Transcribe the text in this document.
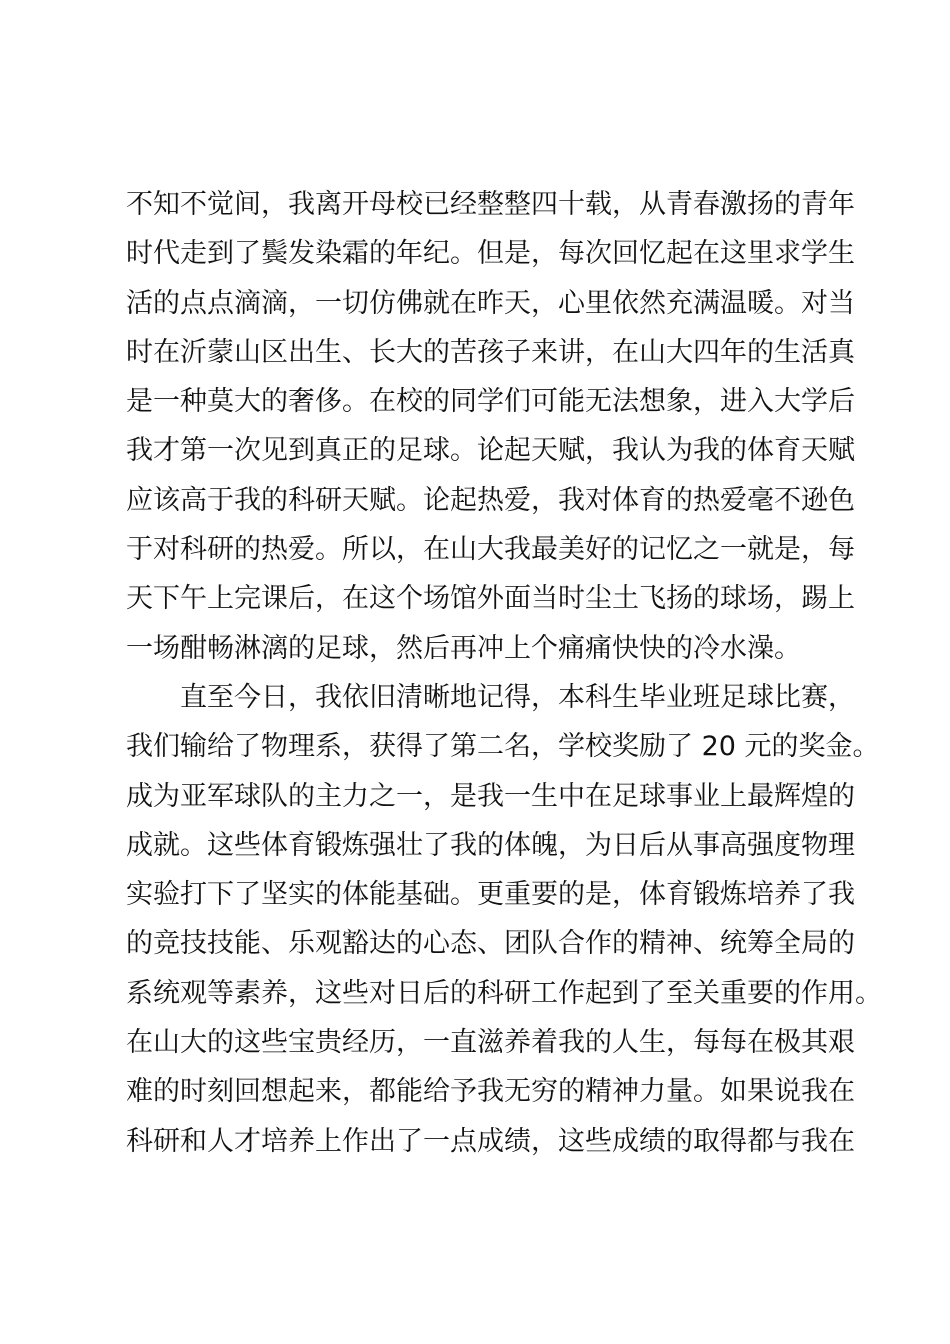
不知不觉间，我离开母校已经整整四十载，从青春激扬的青年
时代走到了鬓发染霜的年纪。但是，每次回忆起在这里求学生
活的点点滴滴，一切仿佛就在昨天，心里依然充满温暖。对当
时在沂蒙山区出生、长大的苦孩子来讲，在山大四年的生活真
是一种莫大的奢侈。在校的同学们可能无法想象，进入大学后
我才第一次见到真正的足球。论起天赋，我认为我的体育天赋
应该高于我的科研天赋。论起热爱，我对体育的热爱毫不逊色
于对科研的热爱。所以，在山大我最美好的记忆之一就是，每
天下午上完课后，在这个场馆外面当时尘土飞扬的球场，踢上
一场酣畅淋漓的足球，然后再冲上个痛痛快快的冷水澡。
　　直至今日，我依旧清晰地记得，本科生毕业班足球比赛，
我们输给了物理系，获得了第二名，学校奖励了 20 元的奖金。
成为亚军球队的主力之一，是我一生中在足球事业上最辉煌的
成就。这些体育锻炼强壮了我的体魄，为日后从事高强度物理
实验打下了坚实的体能基础。更重要的是，体育锻炼培养了我
的竞技技能、乐观豁达的心态、团队合作的精神、统筹全局的
系统观等素养，这些对日后的科研工作起到了至关重要的作用。
在山大的这些宝贵经历，一直滋养着我的人生，每每在极其艰
难的时刻回想起来，都能给予我无穷的精神力量。如果说我在
科研和人才培养上作出了一点成绩，这些成绩的取得都与我在
